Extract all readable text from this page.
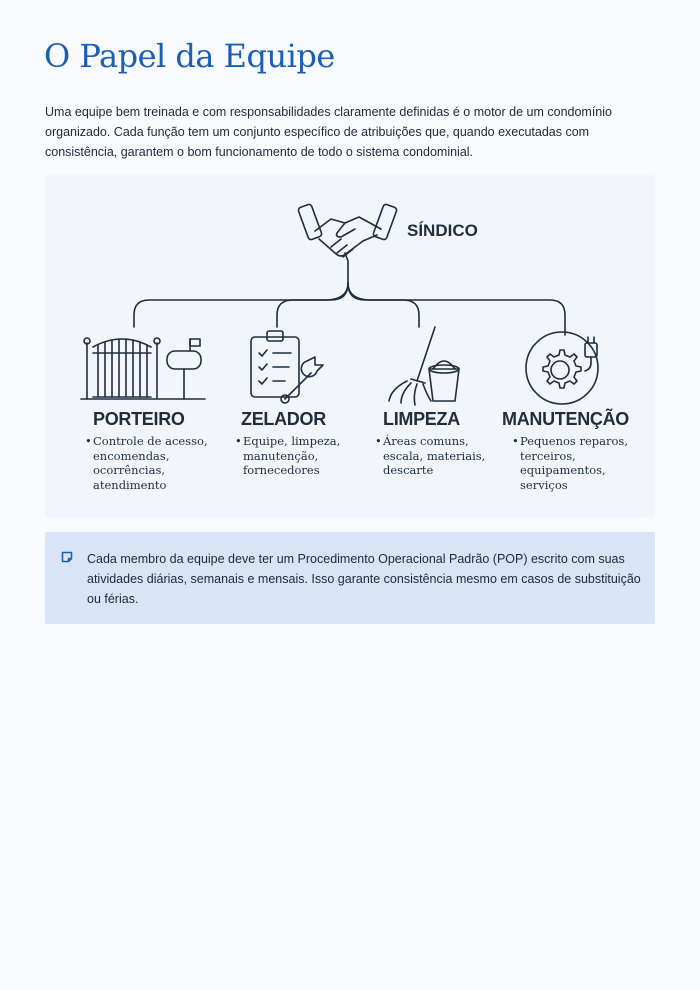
O Papel da Equipe

Uma equipe bem treinada e com responsabilidades claramente definidas é o motor de um condomínio organizado. Cada função tem um conjunto específico de atribuições que, quando executadas com consistência, garantem o bom funcionamento de todo o sistema condominial.

SÍNDICO
PORTEIRO
•Controle de acesso,
encomendas,
ocorrências,
atendimento
ZELADOR
•Equipe, limpeza,
manutenção,
fornecedores
LIMPEZA
•Áreas comuns,
escala, materiais,
descarte
MANUTENÇÃO
•Pequenos reparos,
terceiros,
equipamentos,
serviços

Cada membro da equipe deve ter um Procedimento Operacional Padrão (POP) escrito com suas atividades diárias, semanais e mensais. Isso garante consistência mesmo em casos de substituição ou férias.
